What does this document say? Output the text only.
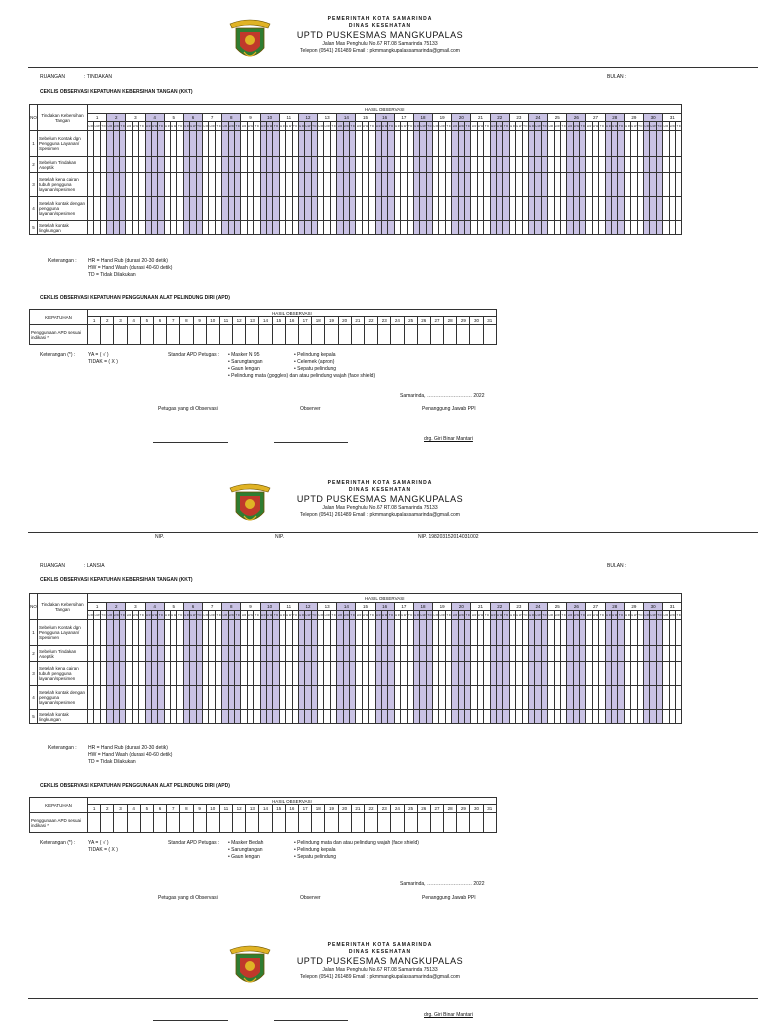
PEMERINTAH KOTA SAMARINDA
DINAS KESEHATAN
UPTD PUSKESMAS MANGKUPALAS
Jalan Mas Penghulu No.67 RT.08 Samarinda 75133
Telepon (0541) 261489 Email : pkmmangkupalassamarinda@gmail.com
RUANGAN	: TINDAKAN	BULAN :
CEKLIS OBSERVASI KEPATUHAN KEBERSIHAN TANGAN (KKT)
NO	Tindakan Kebersihan Tangan	HASIL OBSERVASI
1	2	3	4	5	6	7	8	9	10	11	12	13	14	15	16	17	18	19	20	21	22	23	24	25	26	27	28	29	30	31
H R	H W	T D	H R	H W	T D	H R	H W	T D	H R	H W	T D	H R	H W	T D	H R	H W	T D	H R	H W	T D	H R	H W	T D	H R	H W	T D	H R	H W	T D	H R	H W	T D	H R	H W	T D	H R	H W	T D	H R	H W	T D	H R	H W	T D	H R	H W	T D	H R	H W	T D	H R	H W	T D	H R	H W	T D	H R	H W	T D	H R	H W	T D	H R	H W	T D	H R	H W	T D	H R	H W	T D	H R	H W	T D	H R	H W	T D	H R	H W	T D	H R	H W	T D	H R	H W	T D	H R	H W	T D	H R	H W	T D
1	Sebelum Kontak dgn Pengguna Layanan/ Spesimen																																																																																													
2	Sebelum Tindakan Aseptik																																																																																													
3	Setelah kena cairan tubuh pengguna layanan/spesimen																																																																																													
4	Setelah kontak dengan pengguna layanan/spesimen																																																																																													
5	Setelah kontak lingkungan																																																																																													
Keterangan : HR = Hand Rub (durasi 20-30 detik)
HW = Hand Wash (durasi 40-60 detik)
TD = Tidak Dilakukan
CEKLIS OBSERVASI KEPATUHAN PENGGUNAAN ALAT PELINDUNG DIRI (APD)
KEPATUHAN	HASIL OBSERVASI																														
	1	2	3	4	5	6	7	8	9	10	11	12	13	14	15	16	17	18	19	20	21	22	23	24	25	26	27	28	29	30	31
Penggunaan APD sesuai indikasi *																															
Keterangan (*) :	YA = ( √ )
TIDAK = ( X )
Standar APD Petugas : • Masker N 95
• Sarungtangan
• Gaun lengan
• Pelindung mata (goggles) dan atau pelindung wajah (face shield)
• Pelindung kepala
• Celemek (apron)
• Sepatu pelindung
Samarinda, ……………………… 2022
Petugas yang di Observasi	Observer	Penanggung Jawab PPI
drg. Giri Binar Mantari
PEMERINTAH KOTA SAMARINDA
DINAS KESEHATAN
UPTD PUSKESMAS MANGKUPALAS
Jalan Mas Penghulu No.67 RT.08 Samarinda 75133
Telepon (0541) 261489 Email : pkmmangkupalassamarinda@gmail.com
NIP.	NIP.	NIP. 198203152014031002
RUANGAN	: LANSIA	BULAN :
CEKLIS OBSERVASI KEPATUHAN KEBERSIHAN TANGAN (KKT)
NO	Tindakan Kebersihan Tangan	HASIL OBSERVASI
1	2	3	4	5	6	7	8	9	10	11	12	13	14	15	16	17	18	19	20	21	22	23	24	25	26	27	28	29	30	31
H R	H W	T D	H R	H W	T D	H R	H W	T D	H R	H W	T D	H R	H W	T D	H R	H W	T D	H R	H W	T D	H R	H W	T D	H R	H W	T D	H R	H W	T D	H R	H W	T D	H R	H W	T D	H R	H W	T D	H R	H W	T D	H R	H W	T D	H R	H W	T D	H R	H W	T D	H R	H W	T D	H R	H W	T D	H R	H W	T D	H R	H W	T D	H R	H W	T D	H R	H W	T D	H R	H W	T D	H R	H W	T D	H R	H W	T D	H R	H W	T D	H R	H W	T D	H R	H W	T D	H R	H W	T D	H R	H W	T D
1	Sebelum Kontak dgn Pengguna Layanan/ Spesimen																																																																																													
2	Sebelum Tindakan Aseptik																																																																																													
3	Setelah kena cairan tubuh pengguna layanan/spesimen																																																																																													
4	Setelah kontak dengan pengguna layanan/spesimen																																																																																													
5	Setelah kontak lingkungan																																																																																													
Keterangan : HR = Hand Rub (durasi 20-30 detik)
HW = Hand Wash (durasi 40-60 detik)
TD = Tidak Dilakukan
CEKLIS OBSERVASI KEPATUHAN PENGGUNAAN ALAT PELINDUNG DIRI (APD)
KEPATUHAN	HASIL OBSERVASI																														
	1	2	3	4	5	6	7	8	9	10	11	12	13	14	15	16	17	18	19	20	21	22	23	24	25	26	27	28	29	30	31
Penggunaan APD sesuai indikasi *																															
Keterangan (*) :	YA = ( √ )
TIDAK = ( X )
Standar APD Petugas : • Masker Bedah
• Sarungtangan
• Gaun lengan
• Pelindung mata dan atau pelindung wajah (face shield)
• Pelindung kepala
• Sepatu pelindung
Samarinda, ……………………… 2022
Petugas yang di Observasi	Observer	Penanggung Jawab PPI
PEMERINTAH KOTA SAMARINDA
DINAS KESEHATAN
UPTD PUSKESMAS MANGKUPALAS
Jalan Mas Penghulu No.67 RT.08 Samarinda 75133
Telepon (0541) 261489 Email : pkmmangkupalassamarinda@gmail.com
drg. Giri Binar Mantari
